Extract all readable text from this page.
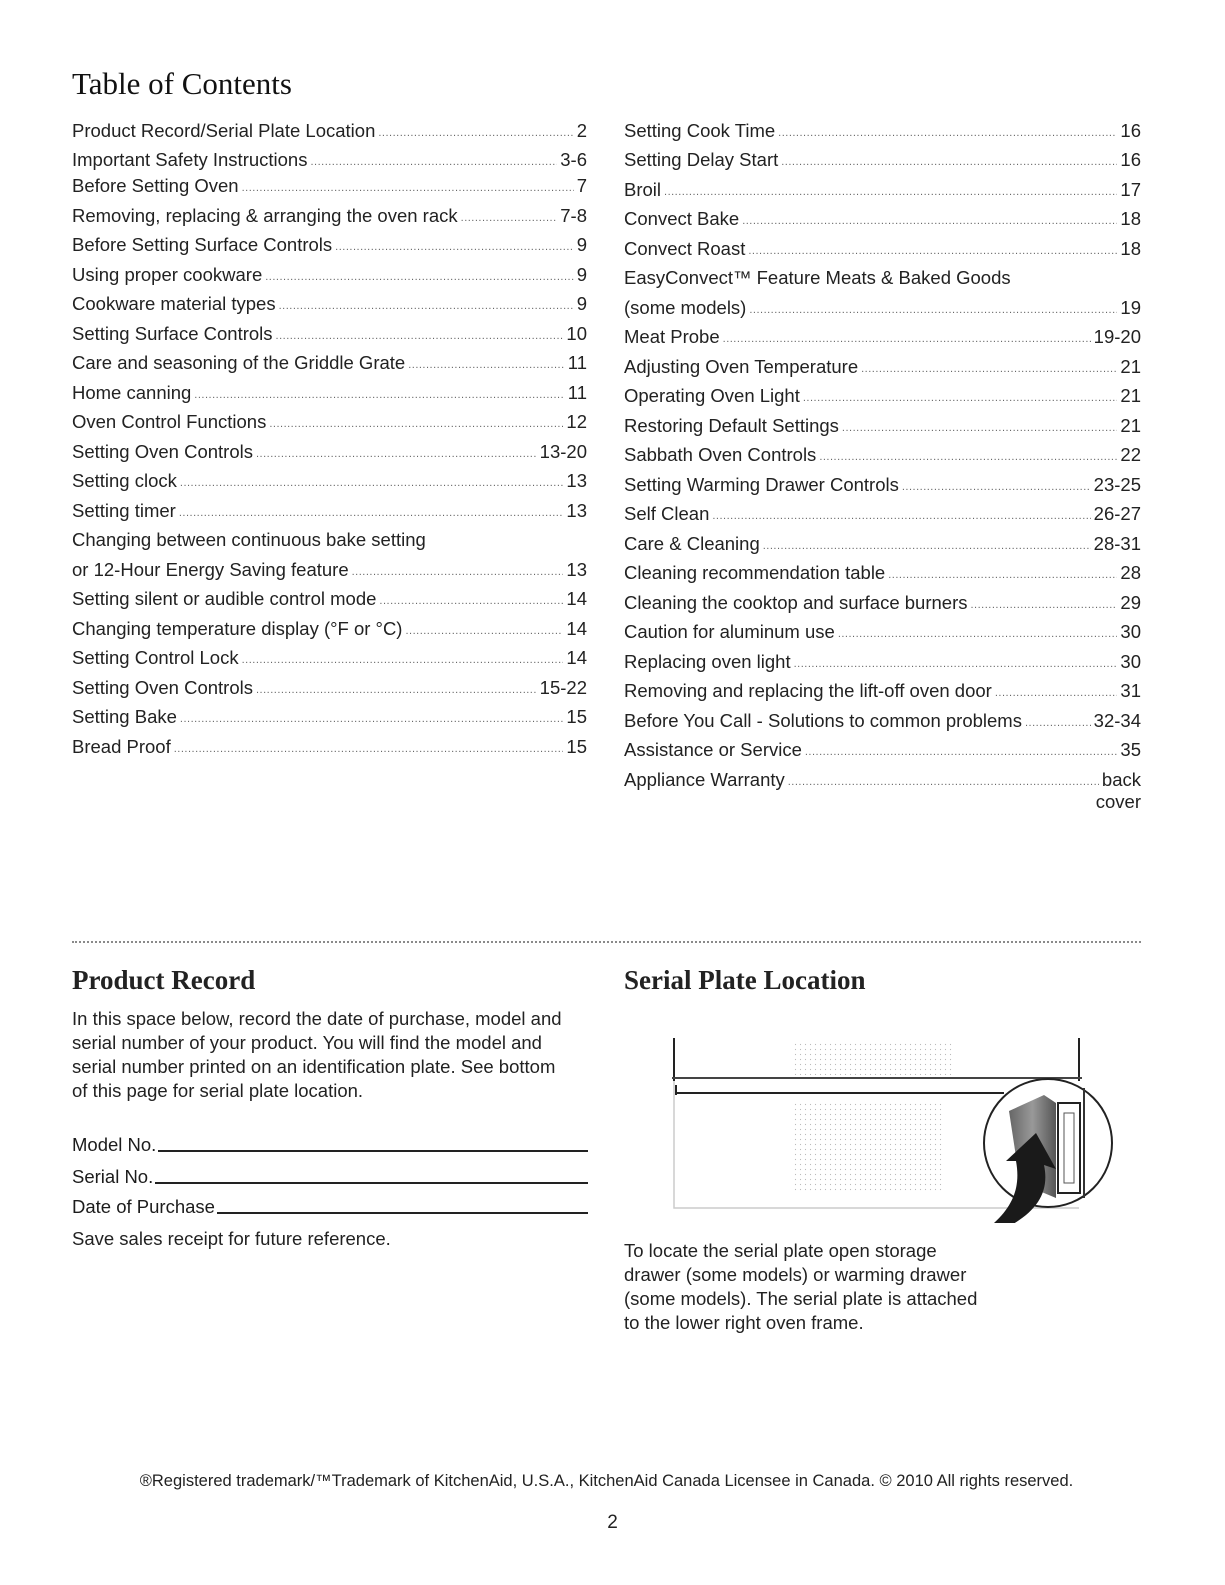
Table of Contents
Product Record/Serial Plate Location .....	2
Important Safety Instructions .....	3-6
Before Setting Oven .....	7
Removing, replacing & arranging the oven rack .....	7-8
Before Setting Surface Controls .....	9
Using proper cookware .....	9
Cookware material types .....	9
Setting Surface Controls .....	10
Care and seasoning of the Griddle Grate .....	11
Home canning .....	11
Oven Control Functions .....	12
Setting Oven Controls .....	13-20
Setting clock .....	13
Setting timer .....	13
Changing between continuous bake setting
or 12-Hour Energy Saving feature .....	13
Setting silent or audible control mode .....	14
Changing temperature display (°F or °C) .....	14
Setting Control Lock .....	14
Setting Oven Controls .....	15-22
Setting Bake .....	15
Bread Proof .....	15
Setting Cook Time .....	16
Setting Delay Start .....	16
Broil .....	17
Convect Bake .....	18
Convect Roast .....	18
EasyConvect™ Feature Meats & Baked Goods
(some models) .....	19
Meat Probe .....	19-20
Adjusting Oven Temperature .....	21
Operating Oven Light .....	21
Restoring Default Settings .....	21
Sabbath Oven Controls .....	22
Setting Warming Drawer Controls .....	23-25
Self Clean .....	26-27
Care & Cleaning .....	28-31
Cleaning recommendation table .....	28
Cleaning the cooktop and surface burners .....	29
Caution for aluminum use .....	30
Replacing oven light .....	30
Removing and replacing the lift-off oven door .....	31
Before You Call - Solutions to common problems .....	32-34
Assistance or Service .....	35
Appliance Warranty .....	back
cover
Product Record

In this space below, record the date of purchase, model and serial number of your product. You will find the model and serial number printed on an identification plate. See bottom of this page for serial plate location.

Model No.
Serial No.
Date of Purchase

Save sales receipt for future reference.

Serial Plate Location

To locate the serial plate open storage drawer (some models) or warming drawer (some models). The serial plate is attached to the lower right oven frame.

®Registered trademark/™Trademark of KitchenAid, U.S.A., KitchenAid Canada Licensee in Canada. © 2010 All rights reserved.

2
